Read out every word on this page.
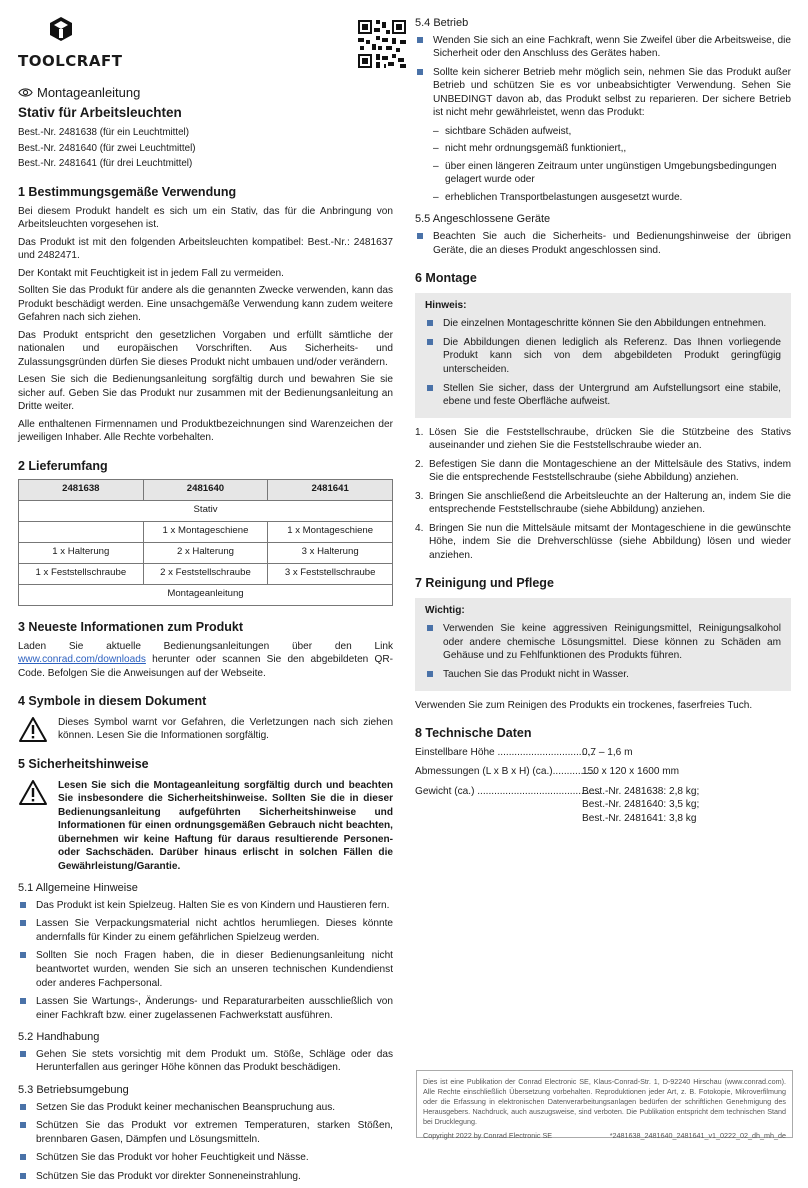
TOOLCRAFT
Montageanleitung
Stativ für Arbeitsleuchten
Best.-Nr. 2481638 (für ein Leuchtmittel)
Best.-Nr. 2481640 (für zwei Leuchtmittel)
Best.-Nr. 2481641 (für drei Leuchtmittel)
1 Bestimmungsgemäße Verwendung

Bei diesem Produkt handelt es sich um ein Stativ, das für die Anbringung von Arbeitsleuchten vorgesehen ist.

Das Produkt ist mit den folgenden Arbeitsleuchten kompatibel: Best.-Nr.: 2481637 und 2482471.

Der Kontakt mit Feuchtigkeit ist in jedem Fall zu vermeiden.

Sollten Sie das Produkt für andere als die genannten Zwecke verwenden, kann das Produkt beschädigt werden. Eine unsachgemäße Verwendung kann zudem weitere Gefahren nach sich ziehen.

Das Produkt entspricht den gesetzlichen Vorgaben und erfüllt sämtliche der nationalen und europäischen Vorschriften. Aus Sicherheits- und Zulassungsgründen dürfen Sie dieses Produkt nicht umbauen und/oder verändern.

Lesen Sie sich die Bedienungsanleitung sorgfältig durch und bewahren Sie sie sicher auf. Geben Sie das Produkt nur zusammen mit der Bedienungsanleitung an Dritte weiter.

Alle enthaltenen Firmennamen und Produktbezeichnungen sind Warenzeichen der jeweiligen Inhaber. Alle Rechte vorbehalten.

2 Lieferumfang
2481638	2481640	2481641
Stativ		
	1 x Montageschiene	1 x Montageschiene
1 x Halterung	2 x Halterung	3 x Halterung
1 x Feststellschraube	2 x Feststellschraube	3 x Feststellschraube
Montageanleitung		
3 Neueste Informationen zum Produkt

Laden Sie aktuelle Bedienungsanleitungen über den Link www.conrad.com/downloads herunter oder scannen Sie den abgebildeten QR-Code. Befolgen Sie die Anweisungen auf der Webseite.

4 Symbole in diesem Dokument
Dieses Symbol warnt vor Gefahren, die Verletzungen nach sich ziehen können. Lesen Sie die Informationen sorgfältig.
5 Sicherheitshinweise
Lesen Sie sich die Montageanleitung sorgfältig durch und beachten Sie insbesondere die Sicherheitshinweise. Sollten Sie die in dieser Bedienungsanleitung aufgeführten Sicherheitshinweise und Informationen für einen ordnungsgemäßen Gebrauch nicht beachten, übernehmen wir keine Haftung für daraus resultierende Personen- oder Sachschäden. Darüber hinaus erlischt in solchen Fällen die Gewährleistung/Garantie.
5.1 Allgemeine Hinweise
Das Produkt ist kein Spielzeug. Halten Sie es von Kindern und Haustieren fern.
Lassen Sie Verpackungsmaterial nicht achtlos herumliegen. Dieses könnte andernfalls für Kinder zu einem gefährlichen Spielzeug werden.
Sollten Sie noch Fragen haben, die in dieser Bedienungsanleitung nicht beantwortet wurden, wenden Sie sich an unseren technischen Kundendienst oder anderes Fachpersonal.
Lassen Sie Wartungs-, Änderungs- und Reparaturarbeiten ausschließlich von einer Fachkraft bzw. einer zugelassenen Fachwerkstatt ausführen.
5.2 Handhabung
Gehen Sie stets vorsichtig mit dem Produkt um. Stöße, Schläge oder das Herunterfallen aus geringer Höhe können das Produkt beschädigen.
5.3 Betriebsumgebung
Setzen Sie das Produkt keiner mechanischen Beanspruchung aus.
Schützen Sie das Produkt vor extremen Temperaturen, starken Stößen, brennbaren Gasen, Dämpfen und Lösungsmitteln.
Schützen Sie das Produkt vor hoher Feuchtigkeit und Nässe.
Schützen Sie das Produkt vor direkter Sonneneinstrahlung.
5.4 Betrieb
Wenden Sie sich an eine Fachkraft, wenn Sie Zweifel über die Arbeitsweise, die Sicherheit oder den Anschluss des Gerätes haben.
Sollte kein sicherer Betrieb mehr möglich sein, nehmen Sie das Produkt außer Betrieb und schützen Sie es vor unbeabsichtigter Verwendung. Sehen Sie UNBEDINGT davon ab, das Produkt selbst zu reparieren. Der sichere Betrieb ist nicht mehr gewährleistet, wenn das Produkt:
– sichtbare Schäden aufweist,
– nicht mehr ordnungsgemäß funktioniert,,
– über einen längeren Zeitraum unter ungünstigen Umgebungsbedingungen gelagert wurde oder
– erheblichen Transportbelastungen ausgesetzt wurde.
5.5 Angeschlossene Geräte
Beachten Sie auch die Sicherheits- und Bedienungshinweise der übrigen Geräte, die an dieses Produkt angeschlossen sind.
6 Montage
Hinweis:
Die einzelnen Montageschritte können Sie den Abbildungen entnehmen.
Die Abbildungen dienen lediglich als Referenz. Das Ihnen vorliegende Produkt kann sich von dem abgebildeten Produkt geringfügig unterscheiden.
Stellen Sie sicher, dass der Untergrund am Aufstellungsort eine stabile, ebene und feste Oberfläche aufweist.
1. Lösen Sie die Feststellschraube, drücken Sie die Stützbeine des Stativs auseinander und ziehen Sie die Feststellschraube wieder an.
2. Befestigen Sie dann die Montageschiene an der Mittelsäule des Stativs, indem Sie die entsprechende Feststellschraube (siehe Abbildung) anziehen.
3. Bringen Sie anschließend die Arbeitsleuchte an der Halterung an, indem Sie die entsprechende Feststellschraube (siehe Abbildung) anziehen.
4. Bringen Sie nun die Mittelsäule mitsamt der Montageschiene in die gewünschte Höhe, indem Sie die Drehverschlüsse (siehe Abbildung) lösen und wieder anziehen.
7 Reinigung und Pflege
Wichtig:
Verwenden Sie keine aggressiven Reinigungsmittel, Reinigungsalkohol oder andere chemische Lösungsmittel. Diese können zu Schäden am Gehäuse und zu Fehlfunktionen des Produkts führen.
Tauchen Sie das Produkt nicht in Wasser.

Verwenden Sie zum Reinigen des Produkts ein trockenes, faserfreies Tuch.

8 Technische Daten
Einstellbare Höhe ...................................
0,7 – 1,6 m
Abmessungen (L x B x H) (ca.)................
150 x 120 x 1600 mm
Gewicht (ca.) ............................................
Best.-Nr. 2481638: 2,8 kg;
Best.-Nr. 2481640: 3,5 kg;
Best.-Nr. 2481641: 3,8 kg
Dies ist eine Publikation der Conrad Electronic SE, Klaus-Conrad-Str. 1, D-92240 Hirschau (www.conrad.com). Alle Rechte einschließlich Übersetzung vorbehalten. Reproduktionen jeder Art, z. B. Fotokopie, Mikroverfilmung oder die Erfassung in elektronischen Datenverarbeitungsanlagen bedürfen der schriftlichen Genehmigung des Herausgebers. Nachdruck, auch auszugsweise, sind verboten. Die Publikation entspricht dem technischen Stand bei Drucklegung.
Copyright 2022 by Conrad Electronic SE	*2481638_2481640_2481641_v1_0222_02_dh_mh_de
